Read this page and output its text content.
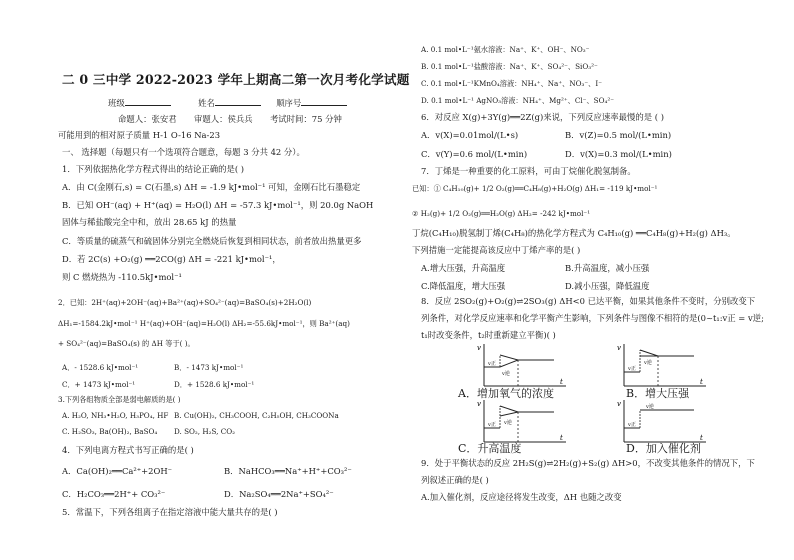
二 0 三中学 2022-2023 学年上期高二第一次月考化学试题
班级	姓名	顺序号
命题人：张安君 审题人：侯兵兵 考试时间：75 分钟
可能用到的相对原子质量 H-1 O-16 Na-23
一、 选择题（每题只有一个选项符合题意，每题 3 分共 42 分）。
1．下列依据热化学方程式得出的结论正确的是( )
A．由 C(金刚石,s) = C(石墨,s) ΔH = -1.9 kJ•mol⁻¹ 可知，金刚石比石墨稳定
B．已知 OH⁻(aq) + H⁺(aq) = H₂O(l) ΔH = -57.3 kJ•mol⁻¹，则 20.0g NaOH
固体与稀盐酸完全中和，放出 28.65 kJ 的热量
C．等质量的硫蒸气和硫固体分别完全燃烧后恢复到相同状态，前者放出热量更多
D．若 2C(s) +O₂(g) ══2CO(g) ΔH = -221 kJ•mol⁻¹，
则 C 燃烧热为 -110.5kJ•mol⁻¹
2．已知：2H⁺(aq)+2OH⁻(aq)+Ba²⁺(aq)+SO₄²⁻(aq)=BaSO₄(s)+2H₂O(l)
ΔH₁=-1584.2kJ•mol⁻¹ H⁺(aq)+OH⁻(aq)=H₂O(l) ΔH₂=-55.6kJ•mol⁻¹，则 Ba²⁺(aq)
+ SO₄²⁻(aq)=BaSO₄(s) 的 ΔH 等于( )。
A．- 1528.6 kJ•mol⁻¹	B．- 1473 kJ•mol⁻¹
C．+ 1473 kJ•mol⁻¹	D．+ 1528.6 kJ•mol⁻¹
3.下列各组物质全部是弱电解质的是( )
A. H₂O, NH₃•H₂O, H₃PO₄, HF B. Cu(OH)₂, CH₃COOH, C₂H₅OH, CH₃COONa
C. H₂SO₃, Ba(OH)₂, BaSO₄ D. SO₂, H₂S, CO₂
4．下列电离方程式书写正确的是( )
A．Ca(OH)₂══Ca²⁺+2OH⁻	B．NaHCO₃══Na⁺+H⁺+CO₃²⁻
C．H₂CO₃══2H⁺+ CO₃²⁻	D．Na₂SO₄══2Na⁺+SO₄²⁻
5．常温下，下列各组离子在指定溶液中能大量共存的是( )
A. 0.1 mol•L⁻¹氨水溶液：Na⁺、K⁺、OH⁻、NO₃⁻
B. 0.1 mol•L⁻¹盐酸溶液：Na⁺、K⁺、SO₄²⁻、SiO₃²⁻
C. 0.1 mol•L⁻¹KMnO₄溶液：NH₄⁺、Na⁺、NO₃⁻、I⁻
D. 0.1 mol•L⁻¹ AgNO₃溶液：NH₄⁺、Mg²⁺、Cl⁻、SO₄²⁻
6．对反应 X(g)+3Y(g)══2Z(g)来说，下列反应速率最慢的是 ( )
A．v(X)=0.01mol/(L•s)	B．v(Z)=0.5 mol/(L•min)
C．v(Y)=0.6 mol/(L•min)	D．v(X)=0.3 mol/(L•min)
7．丁烯是一种重要的化工原料，可由丁烷催化脱氢制备。
已知：① C₄H₁₀(g)+ 1/2 O₂(g)══C₄H₈(g)+H₂O(g) ΔH₁= -119 kJ•mol⁻¹
② H₂(g)+ 1/2 O₂(g)══H₂O(g) ΔH₂= -242 kJ•mol⁻¹
丁烷(C₄H₁₀)脱氢制丁烯(C₄H₈)的热化学方程式为 C₄H₁₀(g) ══C₄H₈(g)+H₂(g) ΔH₃。
下列措施一定能提高该反应中丁烯产率的是( )
A.增大压强，升高温度	B.升高温度，减小压强
C.降低温度，增大压强	D.减小压强，降低温度
8．反应 2SO₂(g)+O₂(g)⇌2SO₃(g) ΔH<0 已达平衡，如果其他条件不变时，分别改变下
列条件，对化学反应速率和化学平衡产生影响，下列条件与图像不相符的是(0~t₁:v正 = v逆;
t₁时改变条件，t₂时重新建立平衡)( )
v
t
v正
v逆
A．增加氧气的浓度
v
t
v正
v逆
B．增大压强
v
t
v正 v逆
C．升高温度
v
t
v正
v逆
D．加入催化剂
9．处于平衡状态的反应 2H₂S(g)⇌2H₂(g)+S₂(g) ΔH>0，不改变其他条件的情况下，下
列叙述正确的是( )
A.加入催化剂，反应途径将发生改变，ΔH 也随之改变
